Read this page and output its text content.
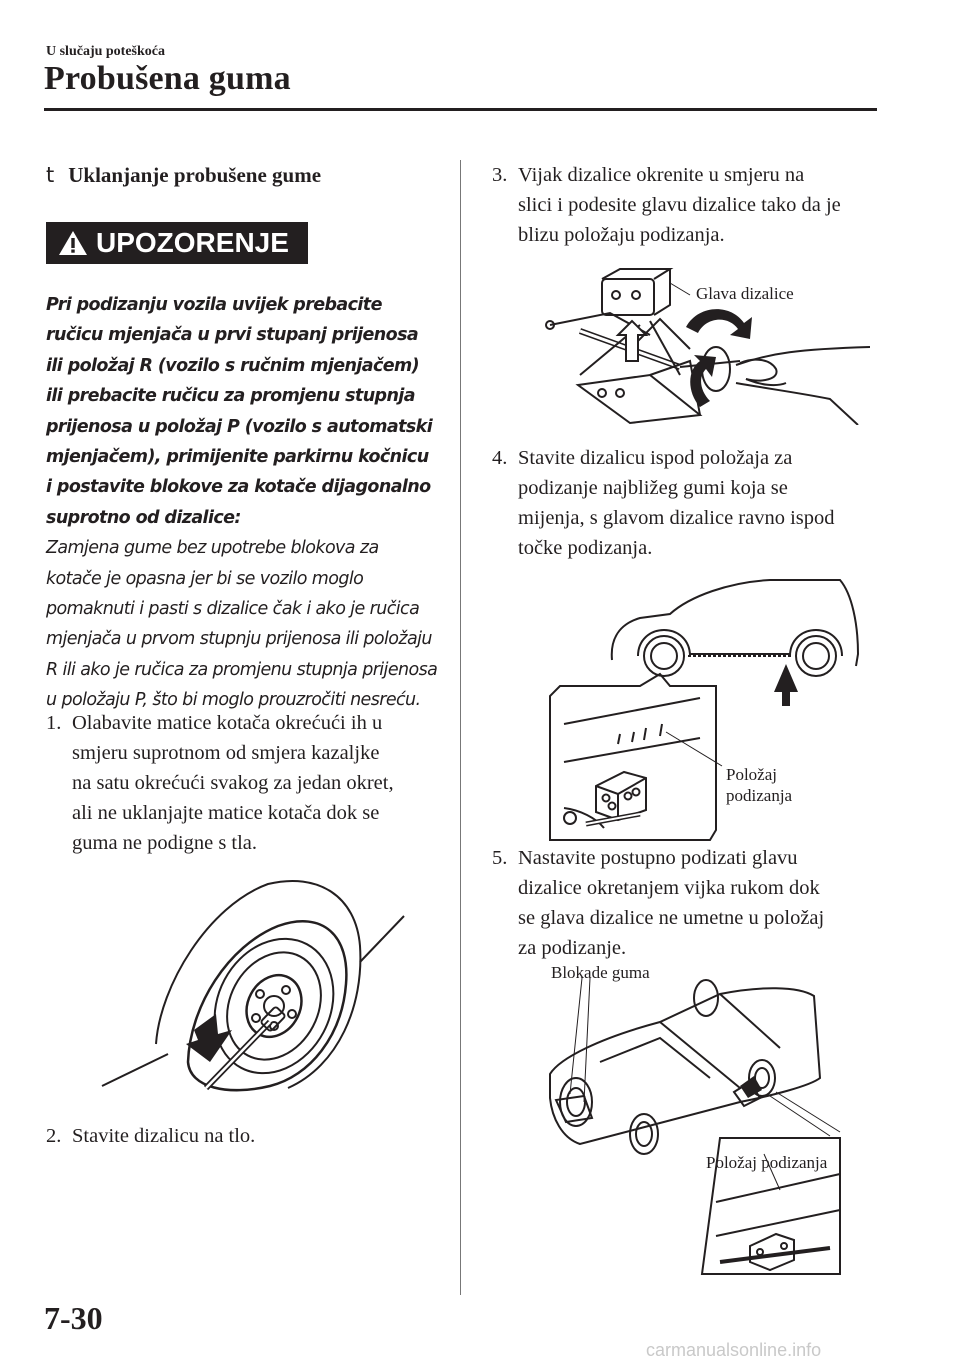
U slučaju poteškoća
Probušena guma
t Uklanjanje probušene gume
UPOZORENJE
Pri podizanju vozila uvijek prebacite ručicu mjenjača u prvi stupanj prijenosa ili položaj R (vozilo s ručnim mjenjačem) ili prebacite ručicu za promjenu stupnja prijenosa u položaj P (vozilo s automatski mjenjačem), primijenite parkirnu kočnicu i postavite blokove za kotače dijagonalno suprotno od dizalice:
Zamjena gume bez upotrebe blokova za kotače je opasna jer bi se vozilo moglo pomaknuti i pasti s dizalice čak i ako je ručica mjenjača u prvom stupnju prijenosa ili položaju R ili ako je ručica za promjenu stupnja prijenosa u položaju P, što bi moglo prouzročiti nesreću.
1. Olabavite matice kotača okrećući ih u
smjeru suprotnom od smjera kazaljke
na satu okrećući svakog za jedan okret,
ali ne uklanjajte matice kotača dok se
guma ne podigne s tla.
2. Stavite dizalicu na tlo.
3. Vijak dizalice okrenite u smjeru na
slici i podesite glavu dizalice tako da je
blizu položaju podizanja.
Glava dizalice
4. Stavite dizalicu ispod položaja za
podizanje najbližeg gumi koja se
mijenja, s glavom dizalice ravno ispod
točke podizanja.
Položaj
podizanja
5. Nastavite postupno podizati glavu
dizalice okretanjem vijka rukom dok
se glava dizalice ne umetne u položaj
za podizanje.
Blokade guma
Položaj podizanja
7-30
carmanualsonline.info
